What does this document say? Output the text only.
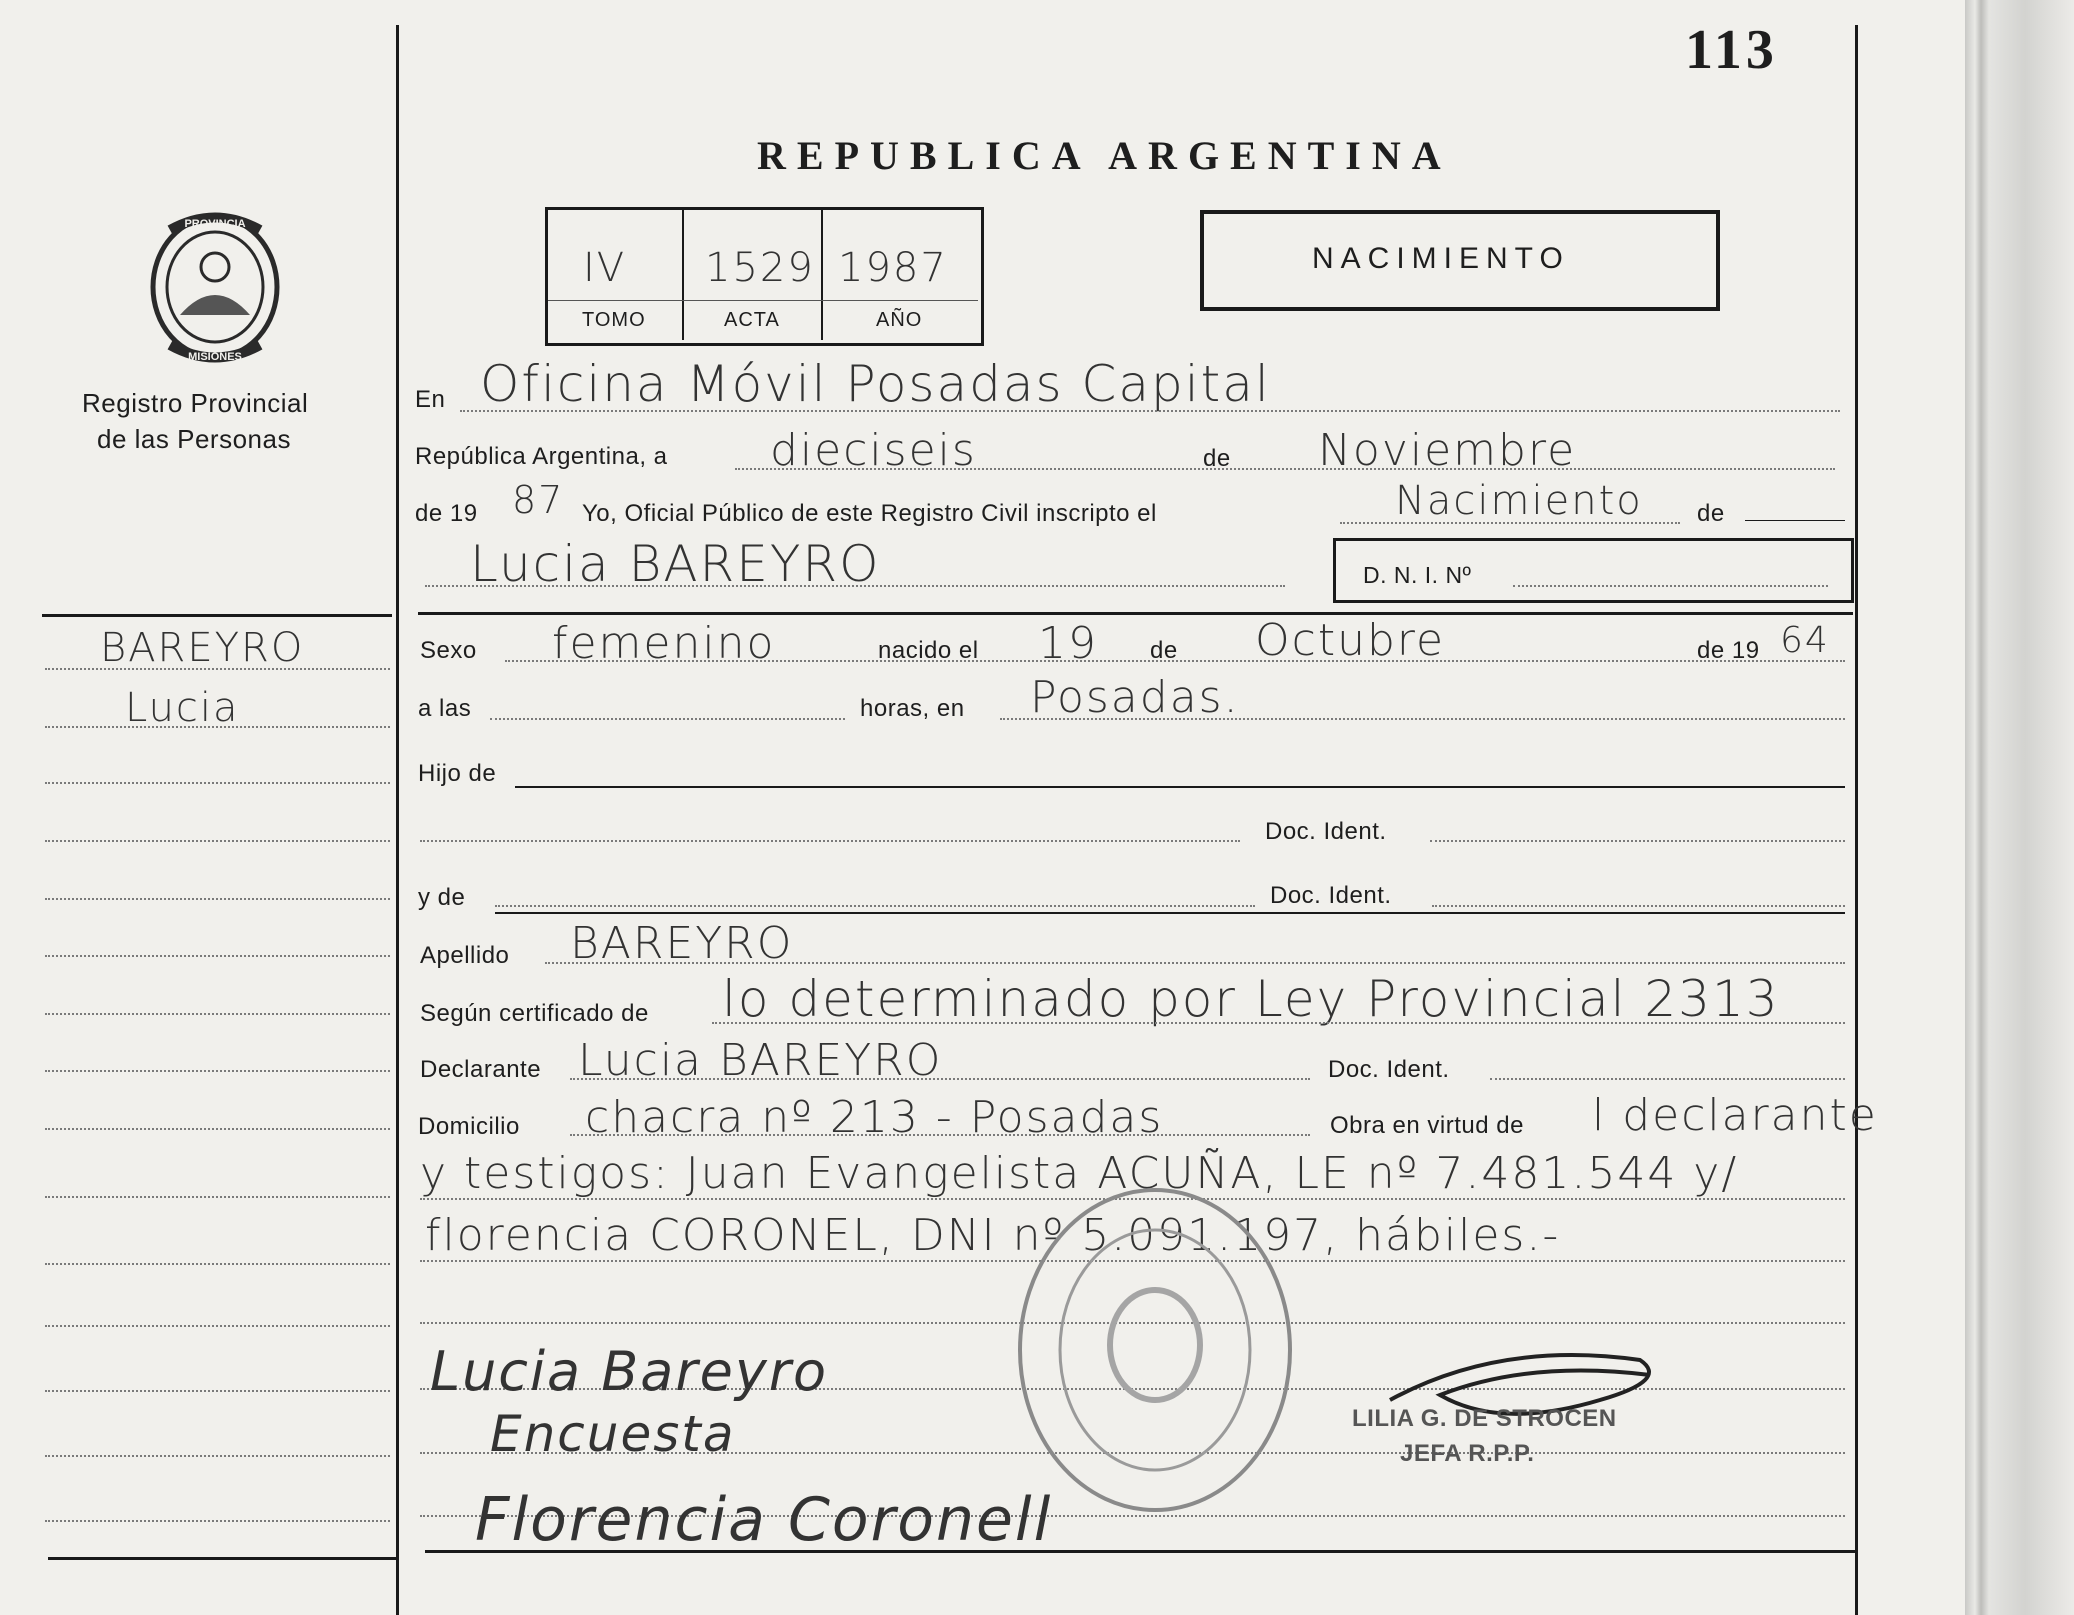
113
PROVINCIA
MISIONES
Registro Provincial
de las Personas
REPUBLICA ARGENTINA
IV 1529 1987
TOMO	ACTA	AÑO
NACIMIENTO
BAREYRO
Lucia
En Oficina Móvil Posadas Capital
República Argentina, a dieciseis	de Noviembre
de 19 87 Yo, Oficial Público de este Registro Civil inscripto el	Nacimiento de
Lucia BAREYRO	D. N. I. Nº
Sexo femenino	nacido el 19 de Octubre	de 19 64
a las	horas, en Posadas.
Hijo de
Doc. Ident.
y de	Doc. Ident.
Apellido BAREYRO
Según certificado de lo determinado por Ley Provincial 2313
Declarante Lucia BAREYRO	Doc. Ident.
Domicilio chacra nº 213 - Posadas	Obra en virtud de l declarante
y testigos: Juan Evangelista ACUÑA, LE nº 7.481.544 y/
florencia CORONEL, DNI nº 5.091.197, hábiles.-
Lucia Bareyro
Encuesta
Florencia Coronell
LILIA G. DE STROCEN
JEFA R.P.P.
